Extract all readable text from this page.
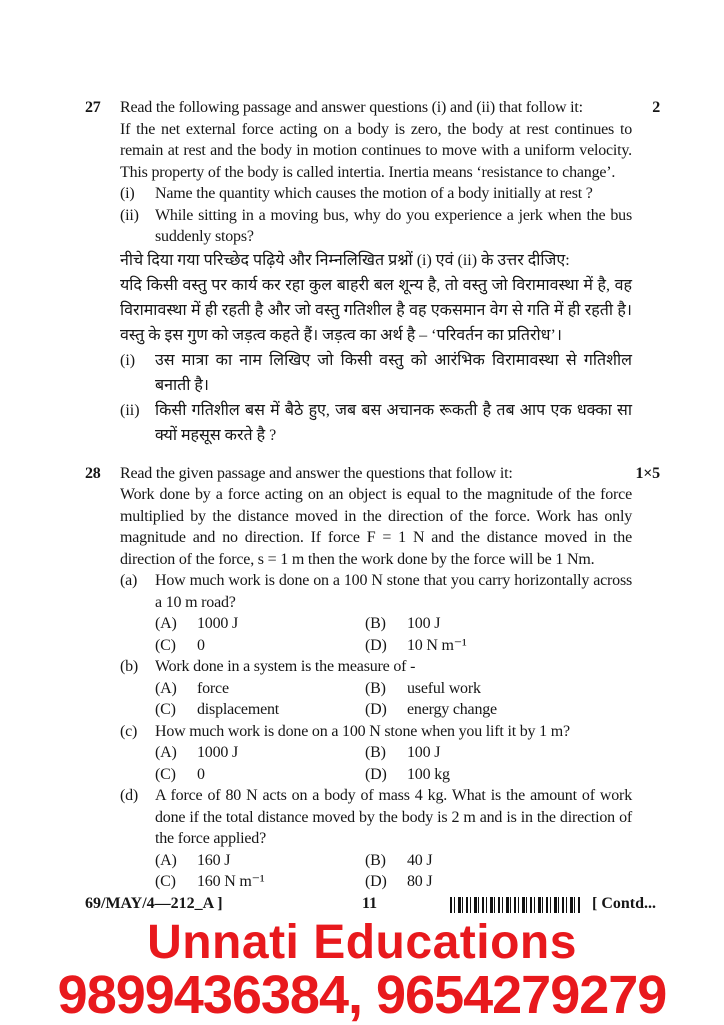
27	Read the following passage and answer questions (i) and (ii) that follow it:
If the net external force acting on a body is zero, the body at rest continues to remain at rest and the body in motion continues to move with a uniform velocity. This property of the body is called intertia. Inertia means ‘resistance to change’.
(i)	Name the quantity which causes the motion of a body initially at rest ?
(ii)	While sitting in a moving bus, why do you experience a jerk when the bus suddenly stops?
नीचे दिया गया परिच्छेद पढ़िये और निम्नलिखित प्रश्नों (i) एवं (ii) के उत्तर दीजिए:
यदि किसी वस्तु पर कार्य कर रहा कुल बाहरी बल शून्य है, तो वस्तु जो विरामावस्था में है, वह विरामावस्था में ही रहती है और जो वस्तु गतिशील है वह एकसमान वेग से गति में ही रहती है। वस्तु के इस गुण को जड़त्व कहते हैं। जड़त्व का अर्थ है – ‘परिवर्तन का प्रतिरोध’।
(i)	उस मात्रा का नाम लिखिए जो किसी वस्तु को आरंभिक विरामावस्था से गतिशील बनाती है।
(ii) किसी गतिशील बस में बैठे हुए, जब बस अचानक रूकती है तब आप एक धक्का सा क्यों महसूस करते है ?
2
28	Read the given passage and answer the questions that follow it:
Work done by a force acting on an object is equal to the magnitude of the force multiplied by the distance moved in the direction of the force. Work has only magnitude and no direction. If force F = 1 N and the distance moved in the direction of the force, s = 1 m then the work done by the force will be 1 Nm.
(a)	How much work is done on a 100 N stone that you carry horizontally across a 10 m road?
(A)	1000 J	(B)	100 J
(C)	0	(D)	10 N m⁻¹
(b)	Work done in a system is the measure of -
(A)	force	(B)	useful work
(C)	displacement	(D)	energy change
(c)	How much work is done on a 100 N stone when you lift it by 1 m?
(A)	1000 J	(B)	100 J
(C)	0	(D)	100 kg
(d)	A force of 80 N acts on a body of mass 4 kg. What is the amount of work done if the total distance moved by the body is 2 m and is in the direction of the force applied?
(A)	160 J	(B)	40 J
(C)	160 N m⁻¹	(D)	80 J
1×5
69/MAY/4—212_A ]	11	[ Contd...
Unnati Educations
9899436384, 9654279279
